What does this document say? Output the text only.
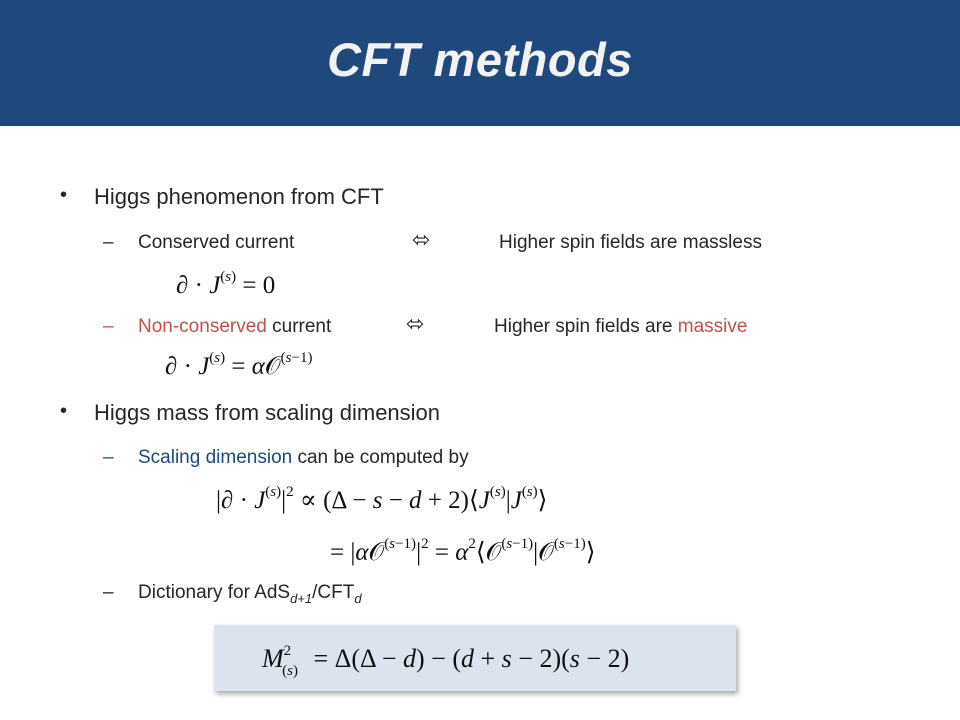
CFT methods
• Higgs phenomenon from CFT
– Conserved current	⬄	Higher spin fields are massless
∂ · $J^{(s)} = 0$
– Non-conserved current	⬄	Higher spin fields are massive
∂ · $J^{(s)}$ = α𝒪$^{(s-1)}$
• Higgs mass from scaling dimension
– Scaling dimension can be computed by
|∂ · $J^{(s)}|^2 \propto (\Delta - s - d$ + $2)⟨J^{(s)}|J^{(s)}⟩$
= $|\alpha 𝒪^{(s-1)}|^2$ = $\alpha^2⟨𝒪^{(s-1)}|𝒪^{(s-1)}⟩$
– Dictionary for $AdS_{d+1}/CFT_d$
$M^2_{(s)} = \Delta(\Delta - d) - (d + s - 2)(s - 2)$
